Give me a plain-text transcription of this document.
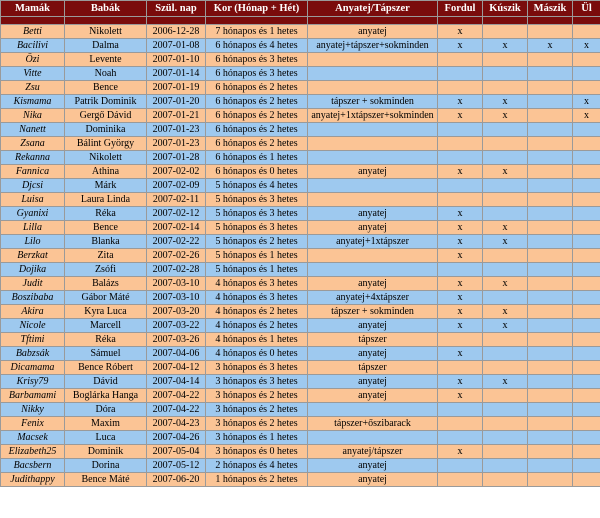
Mamák	Babák	Szül. nap	Kor (Hónap + Hét)	Anyatej/Tápszer	Fordul	Kúszik	Mászik	Ül

Betti	Nikolett	2006-12-28	7 hónapos és 1 hetes	anyatej	x			
Bacilivi	Dalma	2007-01-08	6 hónapos és 4 hetes	anyatej+tápszer+sokminden	x	x	x	x
Özi	Levente	2007-01-10	6 hónapos és 3 hetes					
Vitte	Noah	2007-01-14	6 hónapos és 3 hetes					
Zsu	Bence	2007-01-19	6 hónapos és 2 hetes					
Kismama	Patrik Dominik	2007-01-20	6 hónapos és 2 hetes	tápszer + sokminden	x	x		x
Nika	Gergő Dávid	2007-01-21	6 hónapos és 2 hetes	anyatej+1xtápszer+sokminden	x	x		x
Nanett	Dominika	2007-01-23	6 hónapos és 2 hetes					
Zsana	Bálint György	2007-01-23	6 hónapos és 2 hetes					
Rekanna	Nikolett	2007-01-28	6 hónapos és 1 hetes					
Fannica	Athina	2007-02-02	6 hónapos és 0 hetes	anyatej	x	x		
Djcsi	Márk	2007-02-09	5 hónapos és 4 hetes					
Luisa	Laura Linda	2007-02-11	5 hónapos és 3 hetes					
Gyanixi	Réka	2007-02-12	5 hónapos és 3 hetes	anyatej	x			
Lilla	Bence	2007-02-14	5 hónapos és 3 hetes	anyatej	x	x		
Lilo	Blanka	2007-02-22	5 hónapos és 2 hetes	anyatej+1xtápszer	x	x		
Berzkat	Zita	2007-02-26	5 hónapos és 1 hetes		x			
Dojika	Zsófi	2007-02-28	5 hónapos és 1 hetes					
Judit	Balázs	2007-03-10	4 hónapos és 3 hetes	anyatej	x	x		
Boszibaba	Gábor Máté	2007-03-10	4 hónapos és 3 hetes	anyatej+4xtápszer	x			
Akira	Kyra Luca	2007-03-20	4 hónapos és 2 hetes	tápszer + sokminden	x	x		
Nicole	Marcell	2007-03-22	4 hónapos és 2 hetes	anyatej	x	x		
Tftimi	Réka	2007-03-26	4 hónapos és 1 hetes	tápszer				
Babzsák	Sámuel	2007-04-06	4 hónapos és 0 hetes	anyatej	x			
Dicamama	Bence Róbert	2007-04-12	3 hónapos és 3 hetes	tápszer				
Krisy79	Dávid	2007-04-14	3 hónapos és 3 hetes	anyatej	x	x		
Barbamami	Boglárka Hanga	2007-04-22	3 hónapos és 2 hetes	anyatej	x			
Nikky	Dóra	2007-04-22	3 hónapos és 2 hetes					
Fenix	Maxim	2007-04-23	3 hónapos és 2 hetes	tápszer+őszibarack				
Macsek	Luca	2007-04-26	3 hónapos és 1 hetes					
Elizabeth25	Dominik	2007-05-04	3 hónapos és 0 hetes	anyatej/tápszer	x			
Bacsbern	Dorina	2007-05-12	2 hónapos és 4 hetes	anyatej				
Judithappy	Bence Máté	2007-06-20	1 hónapos és 2 hetes	anyatej				
